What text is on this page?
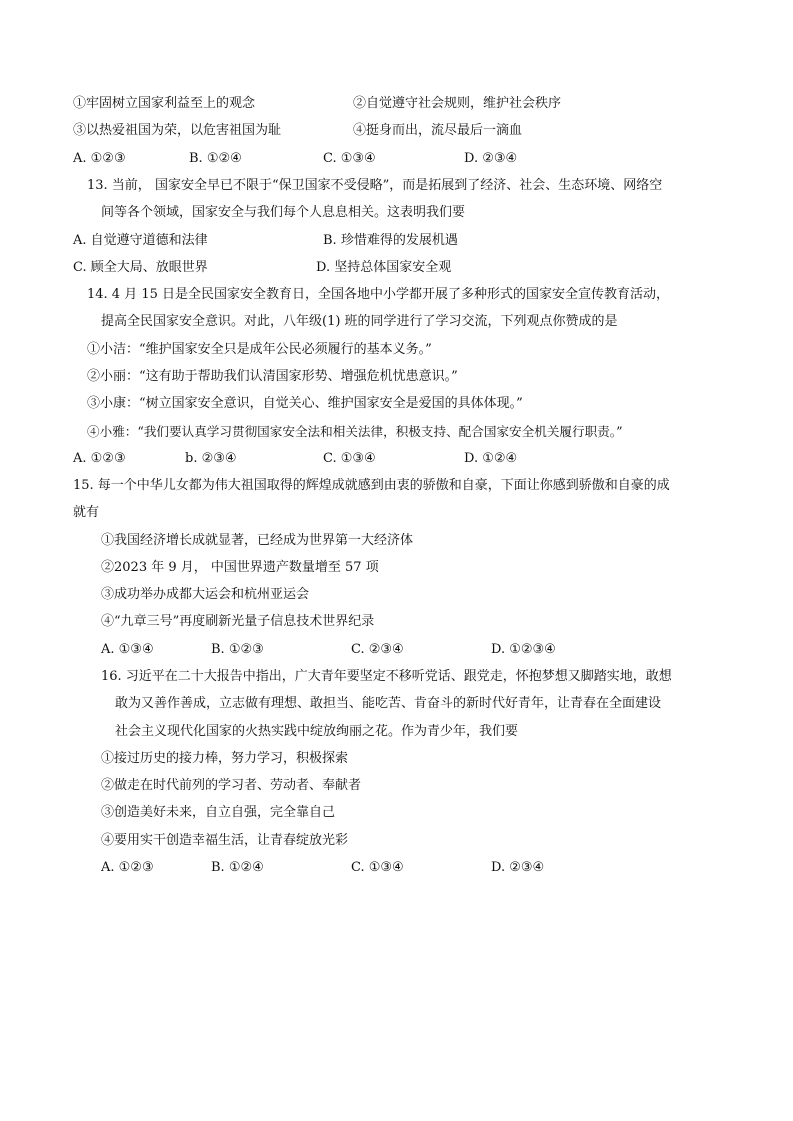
①牢固树立国家利益至上的观念	②自觉遵守社会规则，维护社会秩序
③以热爱祖国为荣，以危害祖国为耻	④挺身而出，流尽最后一滴血
A. ①②③	B. ①②④	C. ①③④	D. ②③④
13. 当前， 国家安全早已不限于“保卫国家不受侵略”，而是拓展到了经济、社会、生态环境、网络空
间等各个领域，国家安全与我们每个人息息相关。这表明我们要
A. 自觉遵守道德和法律	B. 珍惜难得的发展机遇
C. 顾全大局、放眼世界	D. 坚持总体国家安全观
14. 4 月 15 日是全民国家安全教育日，全国各地中小学都开展了多种形式的国家安全宣传教育活动，
提高全民国家安全意识。对此，八年级(1) 班的同学进行了学习交流，下列观点你赞成的是
①小洁：“维护国家安全只是成年公民必须履行的基本义务。”
②小丽：“这有助于帮助我们认清国家形势、增强危机忧患意识。”
③小康：“树立国家安全意识，自觉关心、维护国家安全是爱国的具体体现。”
④小雅：“我们要认真学习贯彻国家安全法和相关法律，积极支持、配合国家安全机关履行职责。”
A. ①②③	b. ②③④	C. ①③④	D. ①②④
15. 每一个中华儿女都为伟大祖国取得的辉煌成就感到由衷的骄傲和自豪，下面让你感到骄傲和自豪的成
就有
①我国经济增长成就显著，已经成为世界第一大经济体
②2023 年 9 月， 中国世界遗产数量增至 57 项
③成功举办成都大运会和杭州亚运会
④“九章三号”再度刷新光量子信息技术世界纪录
A. ①③④	B. ①②③	C. ②③④	D. ①②③④
16. 习近平在二十大报告中指出，广大青年要坚定不移听党话、跟党走，怀抱梦想又脚踏实地，敢想
敢为又善作善成，立志做有理想、敢担当、能吃苦、肯奋斗的新时代好青年，让青春在全面建设
社会主义现代化国家的火热实践中绽放绚丽之花。作为青少年，我们要
①接过历史的接力棒，努力学习，积极探索
②做走在时代前列的学习者、劳动者、奉献者
③创造美好未来，自立自强，完全靠自己
④要用实干创造幸福生活，让青春绽放光彩
A. ①②③	B. ①②④	C. ①③④	D. ②③④
